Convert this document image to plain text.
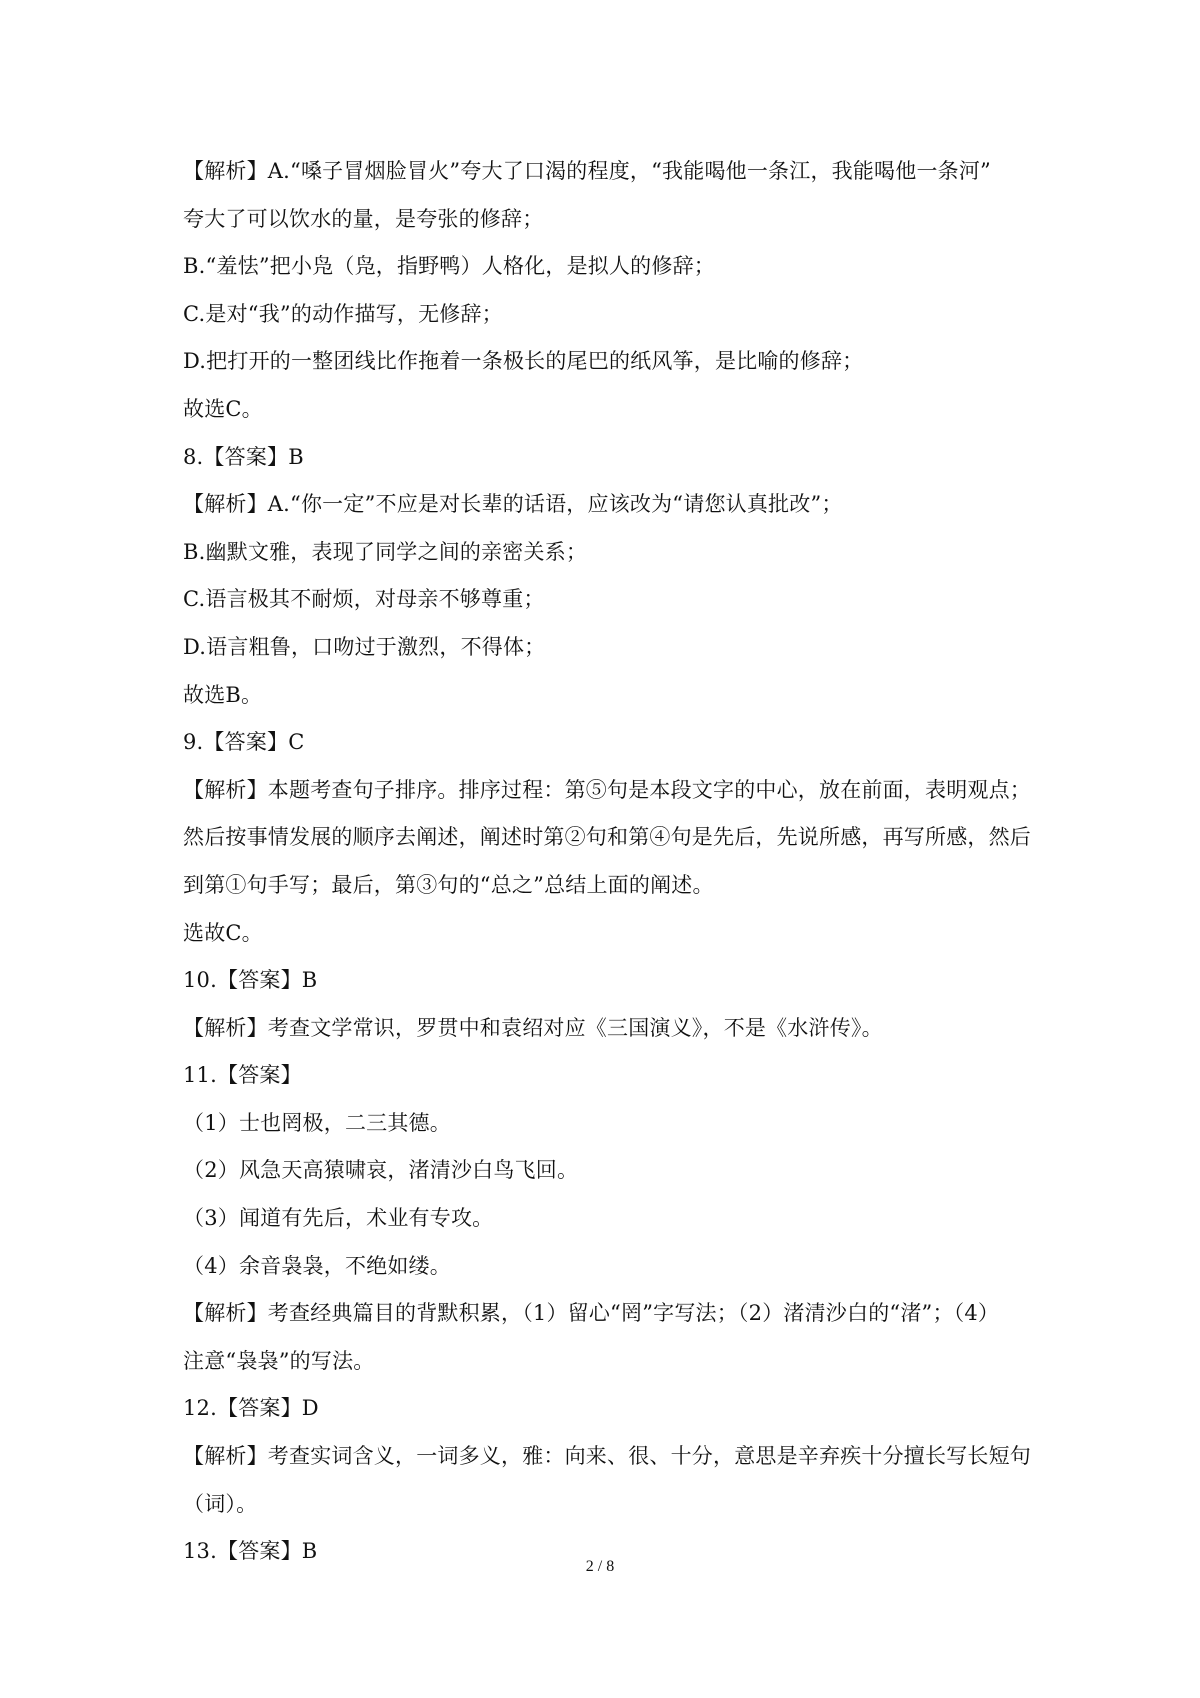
【解析】A.“嗓子冒烟脸冒火”夸大了口渴的程度，“我能喝他一条江，我能喝他一条河”
夸大了可以饮水的量，是夸张的修辞；
B.“羞怯”把小凫（凫，指野鸭）人格化，是拟人的修辞；
C.是对“我”的动作描写，无修辞；
D.把打开的一整团线比作拖着一条极长的尾巴的纸风筝，是比喻的修辞；
故选C。
8.【答案】B
【解析】A.“你一定”不应是对长辈的话语，应该改为“请您认真批改”；
B.幽默文雅，表现了同学之间的亲密关系；
C.语言极其不耐烦，对母亲不够尊重；
D.语言粗鲁，口吻过于激烈，不得体；
故选B。
9.【答案】C
【解析】本题考查句子排序。排序过程：第⑤句是本段文字的中心，放在前面，表明观点；
然后按事情发展的顺序去阐述，阐述时第②句和第④句是先后，先说所感，再写所感，然后
到第①句手写；最后，第③句的“总之”总结上面的阐述。
选故C。
10.【答案】B
【解析】考查文学常识，罗贯中和袁绍对应《三国演义》，不是《水浒传》。
11.【答案】
（1）士也罔极，二三其德。
（2）风急天高猿啸哀，渚清沙白鸟飞回。
（3）闻道有先后，术业有专攻。
（4）余音袅袅，不绝如缕。
【解析】考查经典篇目的背默积累，（1）留心“罔”字写法；（2）渚清沙白的“渚”；（4）
注意“袅袅”的写法。
12.【答案】D
【解析】考查实词含义，一词多义，雅：向来、很、十分，意思是辛弃疾十分擅长写长短句
（词）。
13.【答案】B
2 / 8
